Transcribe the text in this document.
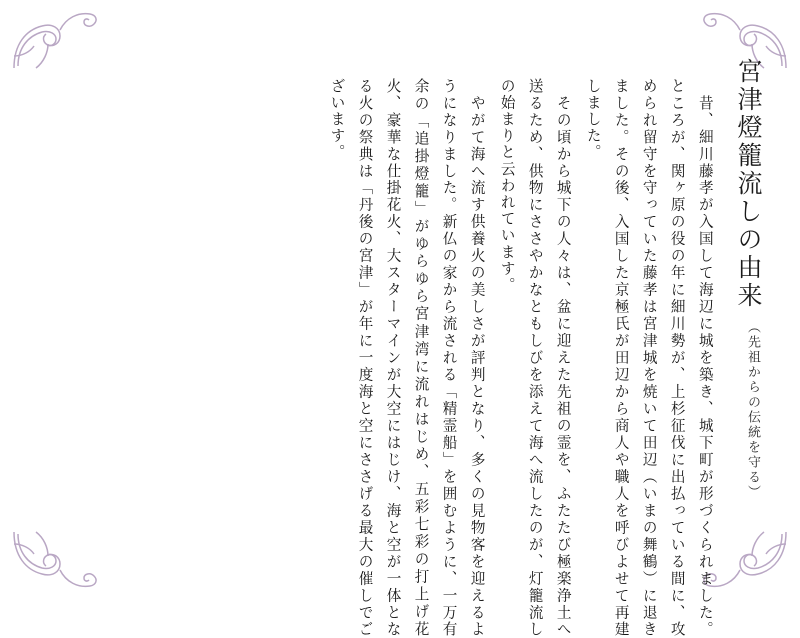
宮津燈籠流しの由来
（先祖からの伝統を守る）
　昔、細川藤孝が入国して海辺に城を築き、城下町が形づくられました。ところが、関ヶ原の役の年に細川勢が、上杉征伐に出払っている間に、攻められ留守を守っていた藤孝は宮津城を焼いて田辺（いまの舞鶴）に退きました。その後、入国した京極氏が田辺から商人や職人を呼びよせて再建しました。
　その頃から城下の人々は、盆に迎えた先祖の霊を、ふたたび極楽浄土へ送るため、供物にささやかなともしびを添えて海へ流したのが、灯籠流しの始まりと云われています。
　やがて海へ流す供養火の美しさが評判となり、多くの見物客を迎えるようになりました。新仏の家から流される「精霊船」を囲むように、一万有余の「追掛燈籠」がゆらゆら宮津湾に流れはじめ、五彩七彩の打上げ花火、豪華な仕掛花火、大スターマインが大空にはじけ、海と空が一体となる火の祭典は「丹後の宮津」が年に一度海と空にささげる最大の催しでございます。
